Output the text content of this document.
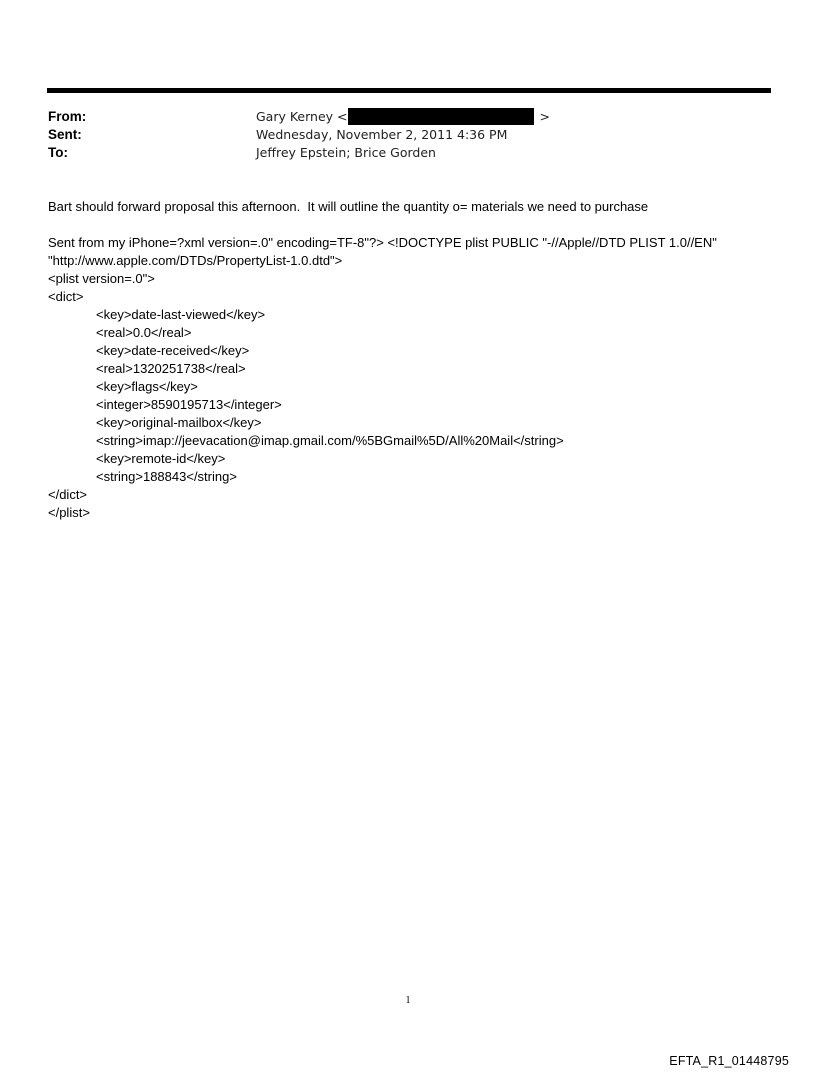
From:	Gary Kerney <	>
Sent:	Wednesday, November 2, 2011 4:36 PM
To:	Jeffrey Epstein; Brice Gorden
Bart should forward proposal this afternoon.  It will outline the quantity o= materials we need to purchase
Sent from my iPhone=?xml version=.0" encoding=TF-8"?> <!DOCTYPE plist PUBLIC "-//Apple//DTD PLIST 1.0//EN"
"http://www.apple.com/DTDs/PropertyList-1.0.dtd">
<plist version=.0">
<dict>
<key>date-last-viewed</key>
<real>0.0</real>
<key>date-received</key>
<real>1320251738</real>
<key>flags</key>
<integer>8590195713</integer>
<key>original-mailbox</key>
<string>imap://jeevacation@imap.gmail.com/%5BGmail%5D/All%20Mail</string>
<key>remote-id</key>
<string>188843</string>
</dict>
</plist>
1
EFTA_R1_01448795
